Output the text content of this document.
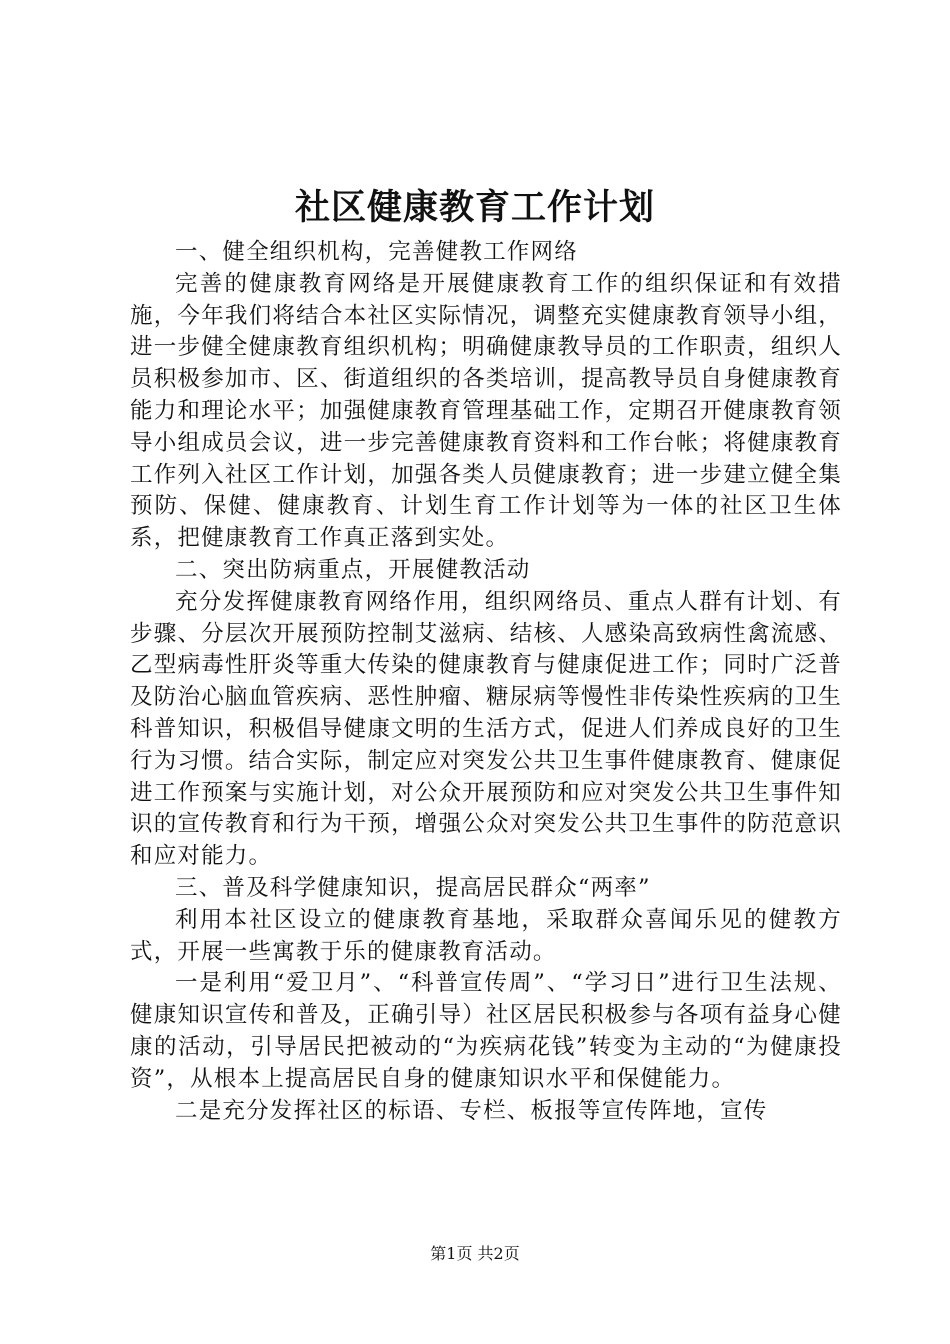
社区健康教育工作计划

一、健全组织机构，完善健教工作网络

完善的健康教育网络是开展健康教育工作的组织保证和有效措施，今年我们将结合本社区实际情况，调整充实健康教育领导小组，进一步健全健康教育组织机构；明确健康教导员的工作职责，组织人员积极参加市、区、街道组织的各类培训，提高教导员自身健康教育能力和理论水平；加强健康教育管理基础工作，定期召开健康教育领导小组成员会议，进一步完善健康教育资料和工作台帐；将健康教育工作列入社区工作计划，加强各类人员健康教育；进一步建立健全集预防、保健、健康教育、计划生育工作计划等为一体的社区卫生体系，把健康教育工作真正落到实处。

二、突出防病重点，开展健教活动

充分发挥健康教育网络作用，组织网络员、重点人群有计划、有步骤、分层次开展预防控制艾滋病、结核、人感染高致病性禽流感、乙型病毒性肝炎等重大传染的健康教育与健康促进工作；同时广泛普及防治心脑血管疾病、恶性肿瘤、糖尿病等慢性非传染性疾病的卫生科普知识，积极倡导健康文明的生活方式，促进人们养成良好的卫生行为习惯。结合实际，制定应对突发公共卫生事件健康教育、健康促进工作预案与实施计划，对公众开展预防和应对突发公共卫生事件知识的宣传教育和行为干预，增强公众对突发公共卫生事件的防范意识和应对能力。

三、普及科学健康知识，提高居民群众“两率”

利用本社区设立的健康教育基地，采取群众喜闻乐见的健教方式，开展一些寓教于乐的健康教育活动。

一是利用“爱卫月”、“科普宣传周”、“学习日”进行卫生法规、健康知识宣传和普及，正确引导）社区居民积极参与各项有益身心健康的活动，引导居民把被动的“为疾病花钱”转变为主动的“为健康投资”，从根本上提高居民自身的健康知识水平和保健能力。

二是充分发挥社区的标语、专栏、板报等宣传阵地，宣传

第1页 共2页
